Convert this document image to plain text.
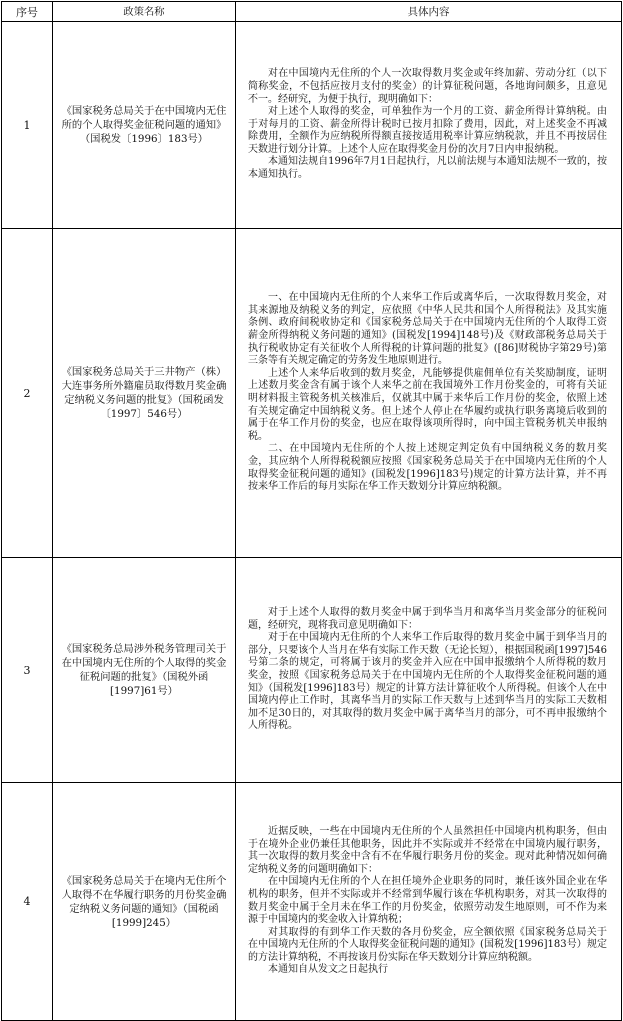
序号	政策名称	具体内容
1	《国家税务总局关于在中国境内无住所的个人取得奖金征税问题的通知》（国税发〔1996〕183号）	对在中国境内无住所的个人一次取得数月奖金或年终加薪、劳动分红（以下简称奖金，不包括应按月支付的奖金）的计算征税问题，各地询问颇多，且意见不一。经研究，为便于执行，现明确如下：

对上述个人取得的奖金，可单独作为一个月的工资、薪金所得计算纳税。由于对每月的工资、薪金所得计税时已按月扣除了费用，因此，对上述奖金不再减除费用，全额作为应纳税所得额直接按适用税率计算应纳税款，并且不再按居住天数进行划分计算。上述个人应在取得奖金月份的次月7日内申报纳税。

本通知法规自1996年7月1日起执行，凡以前法规与本通知法规不一致的，按本通知执行。

2	《国家税务总局关于三井物产（株）大连事务所外籍雇员取得数月奖金确定纳税义务问题的批复》（国税函发〔1997〕546号）	一、在中国境内无住所的个人来华工作后或离华后，一次取得数月奖金，对其来源地及纳税义务的判定，应依照《中华人民共和国个人所得税法》及其实施条例、政府间税收协定和《国家税务总局关于在中国境内无住所的个人取得工资薪金所得纳税义务问题的通知》(国税发[1994]148号)及《财政部税务总局关于执行税收协定有关征收个人所得税的计算问题的批复》([86]财税协字第29号)第三条等有关规定确定的劳务发生地原则进行。

上述个人来华后收到的数月奖金，凡能够提供雇佣单位有关奖励制度，证明上述数月奖金含有属于该个人来华之前在我国境外工作月份奖金的，可将有关证明材料报主管税务机关核准后，仅就其中属于来华后工作月份的奖金，依照上述有关规定确定中国纳税义务。但上述个人停止在华履约或执行职务离境后收到的属于在华工作月份的奖金，也应在取得该项所得时，向中国主管税务机关申报纳税。

二、在中国境内无住所的个人按上述规定判定负有中国纳税义务的数月奖金，其应纳个人所得税税额应按照《国家税务总局关于在中国境内无住所的个人取得奖金征税问题的通知》(国税发[1996]183号)规定的计算方法计算，并不再按来华工作后的每月实际在华工作天数划分计算应纳税额。

3	《国家税务总局涉外税务管理司关于在中国境内无住所的个人取得的奖金征税问题的批复》（国税外函[1997]61号）	对于上述个人取得的数月奖金中属于到华当月和离华当月奖金部分的征税问题，经研究，现将我司意见明确如下：

对于在中国境内无住所的个人来华工作后取得的数月奖金中属于到华当月的部分，只要该个人当月在华有实际工作天数（无论长短），根据国税函[1997]546号第二条的规定，可将属于该月的奖金并入应在中国申报缴纳个人所得税的数月奖金，按照《国家税务总局关于在中国境内无住所的个人取得奖金征税问题的通知》（国税发[1996]183号）规定的计算方法计算征收个人所得税。但该个人在中国境内停止工作时，其离华当月的实际工作天数与上述到华当月的实际工天数相加不足30日的，对其取得的数月奖金中属于离华当月的部分，可不再申报缴纳个人所得税。

4	《国家税务总局关于在境内无住所个人取得不在华履行职务的月份奖金确定纳税义务问题的通知》（国税函[1999]245）	近据反映，一些在中国境内无住所的个人虽然担任中国境内机构职务，但由于在境外企业仍兼任其他职务，因此并不实际或并不经常在中国境内履行职务，其一次取得的数月奖金中含有不在华履行职务月份的奖金。现对此种情况如何确定纳税义务的问题明确如下：

在中国境内无住所的个人在担任境外企业职务的同时，兼任该外国企业在华机构的职务，但并不实际或并不经常到华履行该在华机构职务，对其一次取得的数月奖金中属于全月未在华工作的月份奖金，依照劳动发生地原则，可不作为来源于中国境内的奖金收入计算纳税；

对其取得的有到华工作天数的各月份奖金，应全额依照《国家税务总局关于在中国境内无住所的个人取得奖金征税问题的通知》(国税发[1996]183号）规定的方法计算纳税，不再按该月份实际在华天数划分计算应纳税额。

本通知自从发文之日起执行
